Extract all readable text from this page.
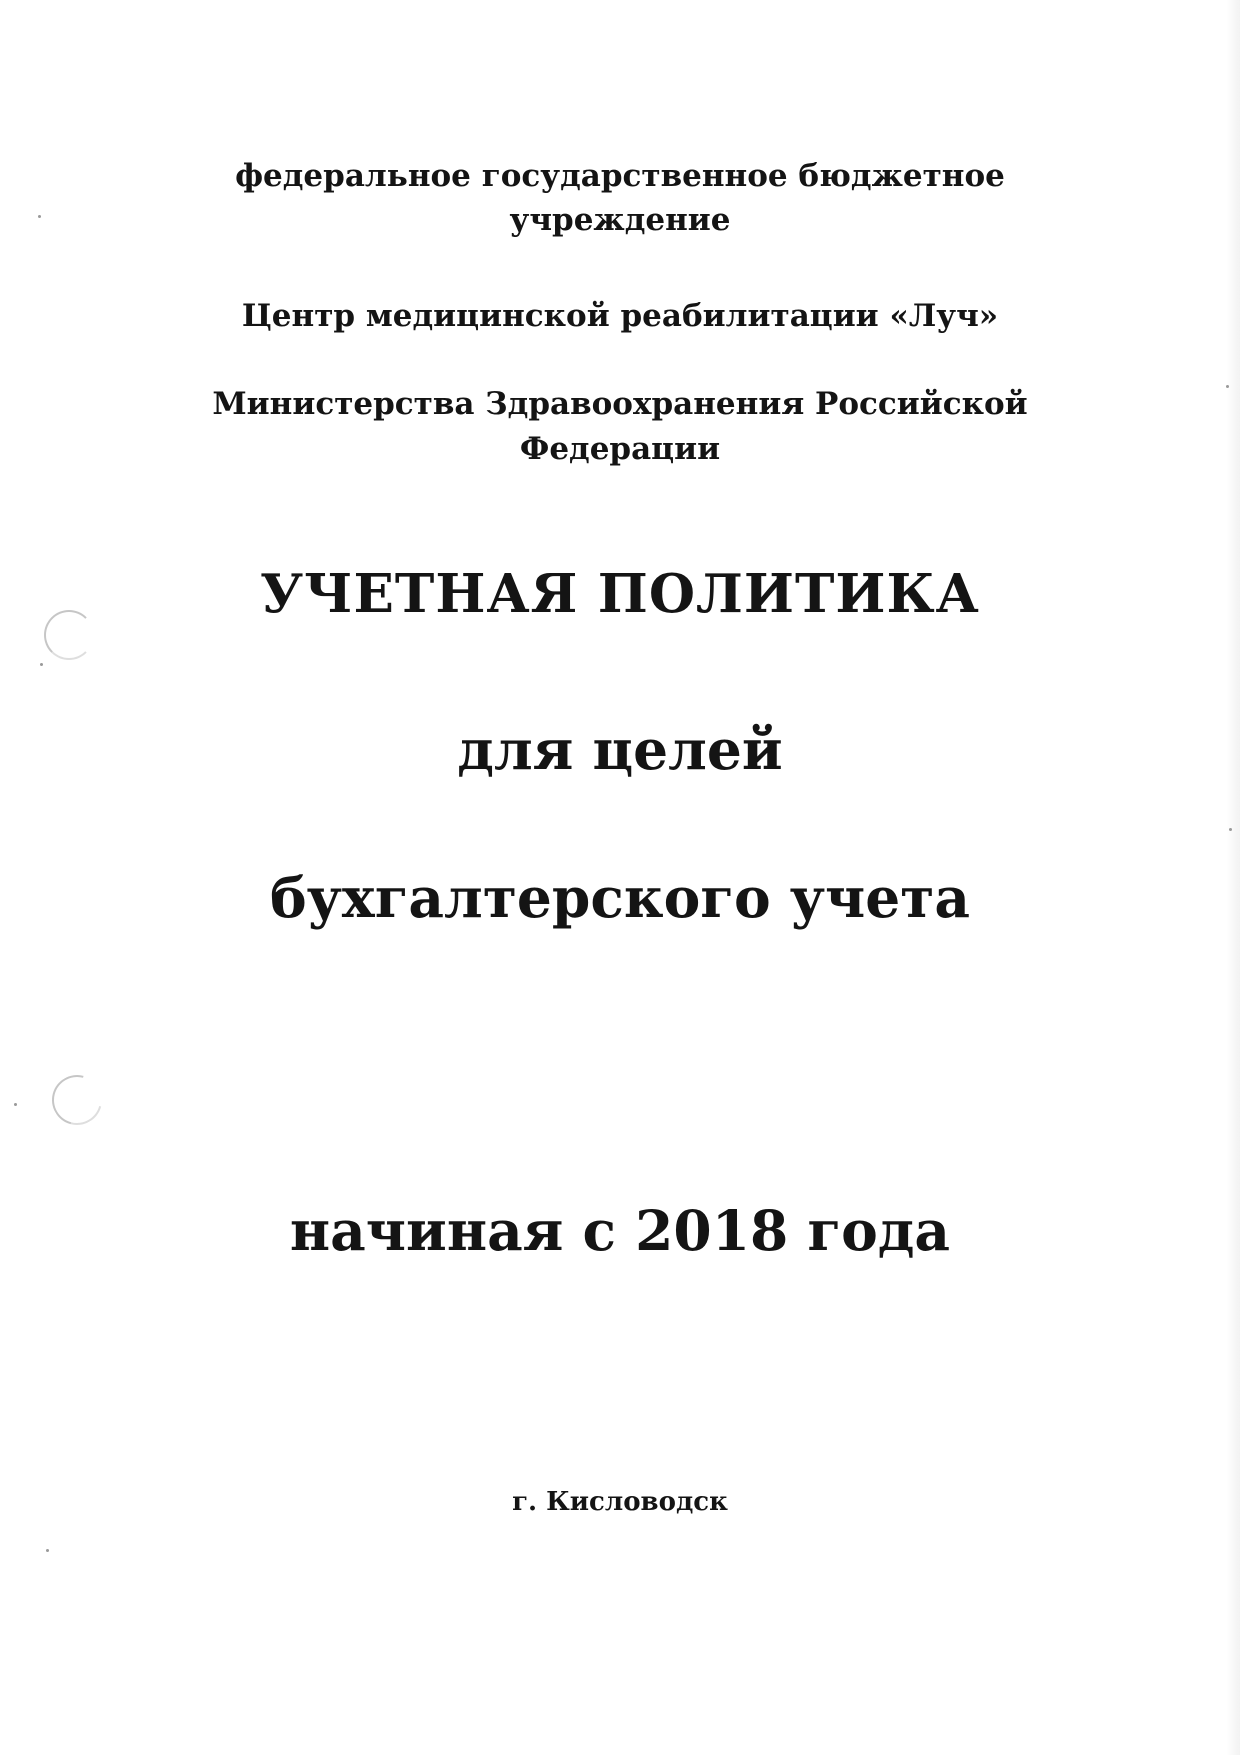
федеральное государственное бюджетное
учреждение
Центр медицинской реабилитации «Луч»
Министерства Здравоохранения Российской
Федерации
УЧЕТНАЯ ПОЛИТИКА
для целей
бухгалтерского учета
начиная с 2018 года
г. Кисловодск
